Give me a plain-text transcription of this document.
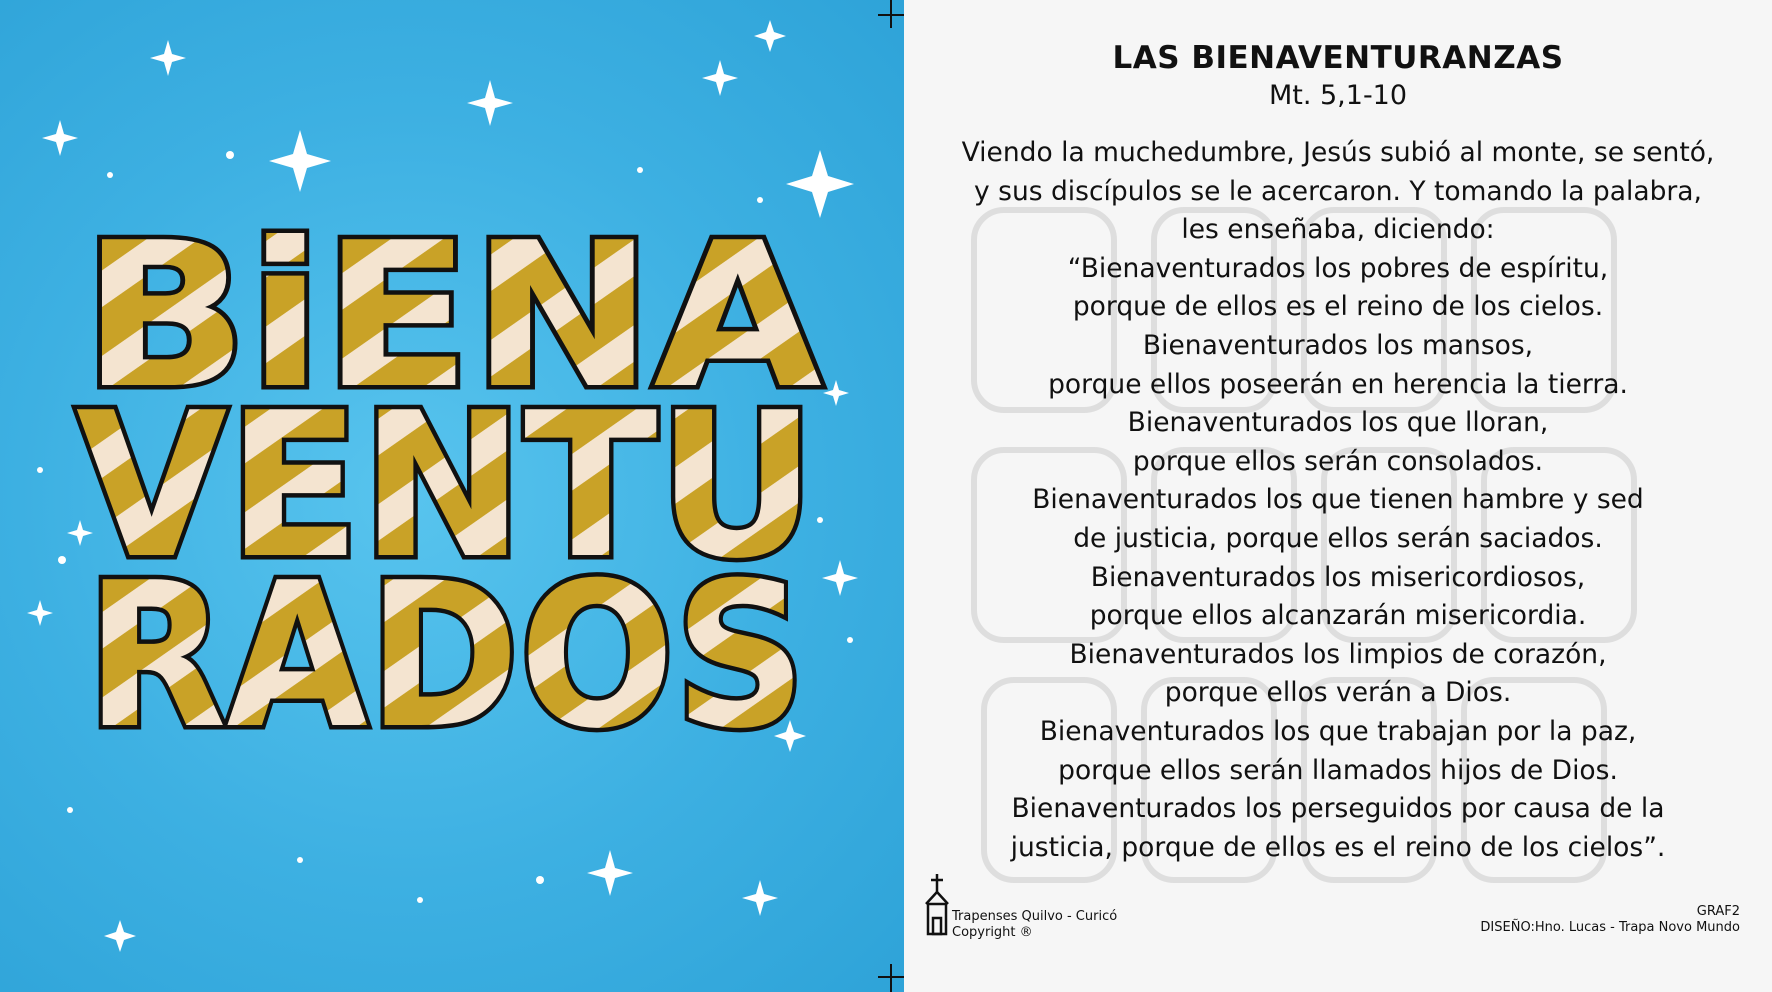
BiENA
VENTU
RADOS
LAS BIENAVENTURANZAS
Mt. 5,1-10
Viendo la muchedumbre, Jesús subió al monte, se sentó,
y sus discípulos se le acercaron. Y tomando la palabra,
les enseñaba, diciendo:
“Bienaventurados los pobres de espíritu,
porque de ellos es el reino de los cielos.
Bienaventurados los mansos,
porque ellos poseerán en herencia la tierra.
Bienaventurados los que lloran,
porque ellos serán consolados.
Bienaventurados los que tienen hambre y sed
de justicia, porque ellos serán saciados.
Bienaventurados los misericordiosos,
porque ellos alcanzarán misericordia.
Bienaventurados los limpios de corazón,
porque ellos verán a Dios.
Bienaventurados los que trabajan por la paz,
porque ellos serán llamados hijos de Dios.
Bienaventurados los perseguidos por causa de la
justicia, porque de ellos es el reino de los cielos”.
Trapenses Quilvo - Curicó
Copyright ®
GRAF2
DISEÑO:Hno. Lucas - Trapa Novo Mundo
